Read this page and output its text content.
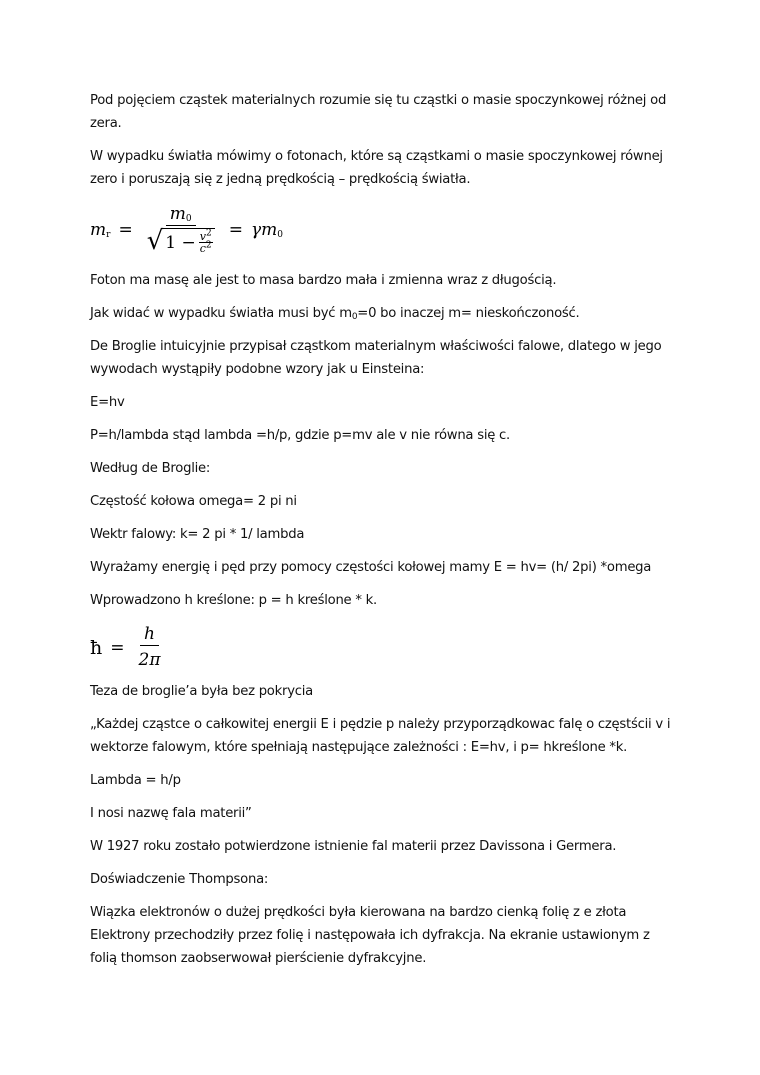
Pod pojęciem cząstek materialnych rozumie się tu cząstki o masie spoczynkowej różnej od zera.

W wypadku światła mówimy o fotonach, które są cząstkami o masie spoczynkowej równej zero i poruszają się z jedną prędkością – prędkością światła.

$m_r$ =
$m_0$
√ $1 - \frac{v^2}{c^2}$
= $\gamma m_0$

Foton ma masę ale jest to masa bardzo mała i zmienna wraz z długością.

Jak widać w wypadku światła musi być $m_0=0$ bo inaczej m= nieskończoność.

De Broglie intuicyjnie przypisał cząstkom materialnym właściwości falowe, dlatego w jego wywodach wystąpiły podobne wzory jak u Einsteina:

E=hv

P=h/lambda stąd lambda =h/p, gdzie p=mv ale v nie równa się c.

Według de Broglie:

Częstość kołowa omega= 2 pi ni

Wektr falowy: k= 2 pi * 1/ lambda

Wyrażamy energię i pęd przy pomocy częstości kołowej mamy E = hv= (h/ 2pi) *omega

Wprowadzono h kreślone: p = h kreślone * k.

ħ = $\frac{h}{2\pi}$

Teza de broglie’a była bez pokrycia

„Każdej cząstce o całkowitej energii E i pędzie p należy przyporządkowac falę o częstścii v i wektorze falowym, które spełniają następujące zależności : E=hv, i p= hkreślone *k.

Lambda = h/p

I nosi nazwę fala materii”

W 1927 roku zostało potwierdzone istnienie fal materii przez Davissona i Germera.

Doświadczenie Thompsona:

Wiązka elektronów o dużej prędkości była kierowana na bardzo cienką folię z e złota Elektrony przechodziły przez folię i następowała ich dyfrakcja. Na ekranie ustawionym z folią thomson zaobserwował pierścienie dyfrakcyjne.
